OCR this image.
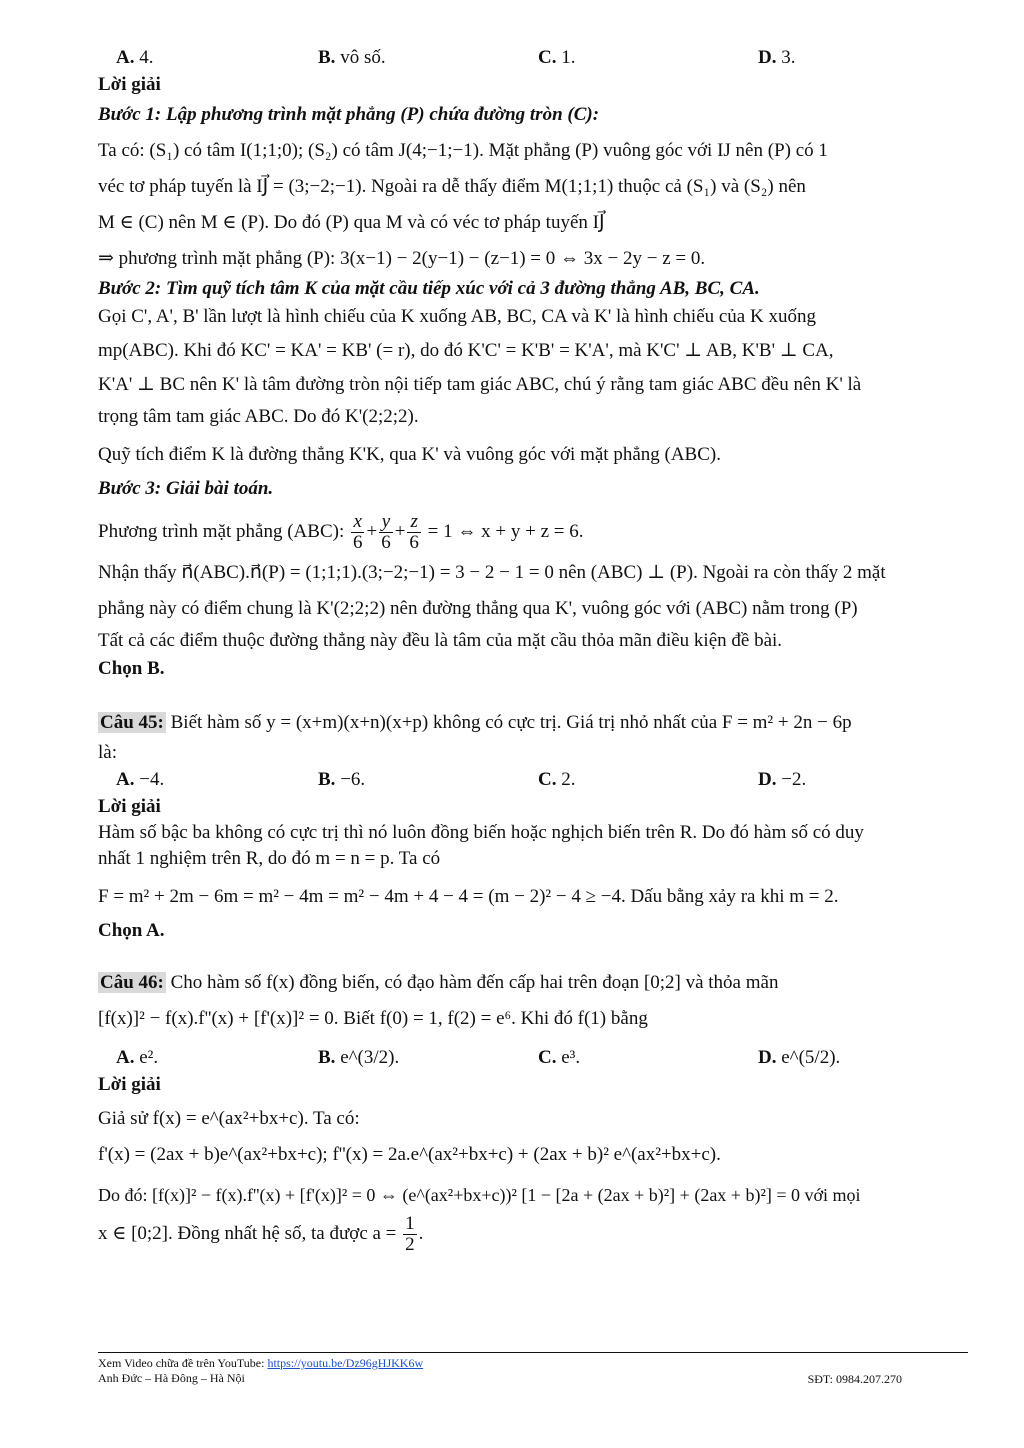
A. 4.	B. vô số.	C. 1.	D. 3.
Lời giải
Bước 1: Lập phương trình mặt phẳng (P) chứa đường tròn (C):
Ta có: (S₁) có tâm I(1;1;0); (S₂) có tâm J(4;−1;−1). Mặt phẳng (P) vuông góc với IJ nên (P) có 1
véc tơ pháp tuyến là IJ⃗ = (3;−2;−1). Ngoài ra dễ thấy điểm M(1;1;1) thuộc cả (S₁) và (S₂) nên
M ∈ (C) nên M ∈ (P). Do đó (P) qua M và có véc tơ pháp tuyến IJ⃗
⇒ phương trình mặt phẳng (P): 3(x−1) − 2(y−1) − (z−1) = 0 ⇔ 3x − 2y − z = 0.
Bước 2: Tìm quỹ tích tâm K của mặt cầu tiếp xúc với cả 3 đường thẳng AB, BC, CA.
Gọi C', A', B' lần lượt là hình chiếu của K xuống AB, BC, CA và K' là hình chiếu của K xuống
mp(ABC). Khi đó KC' = KA' = KB' (= r), do đó K'C' = K'B' = K'A', mà K'C' ⊥ AB, K'B' ⊥ CA,
K'A' ⊥ BC nên K' là tâm đường tròn nội tiếp tam giác ABC, chú ý rằng tam giác ABC đều nên K' là
trọng tâm tam giác ABC. Do đó K'(2;2;2).
Quỹ tích điểm K là đường thẳng K'K, qua K' và vuông góc với mặt phẳng (ABC).
Bước 3: Giải bài toán.
Phương trình mặt phẳng (ABC): $\frac{x}{6} + \frac{y}{6} + \frac{z}{6} = 1$ ⇔ x + y + z = 6.
Nhận thấy n⃗(ABC).n⃗(P) = (1;1;1).(3;−2;−1) = 3 − 2 − 1 = 0 nên (ABC) ⊥ (P). Ngoài ra còn thấy 2 mặt
phẳng này có điểm chung là K'(2;2;2) nên đường thẳng qua K', vuông góc với (ABC) nằm trong (P)
Tất cả các điểm thuộc đường thẳng này đều là tâm của mặt cầu thỏa mãn điều kiện đề bài.
Chọn B.
Câu 45: Biết hàm số y = (x+m)(x+n)(x+p) không có cực trị. Giá trị nhỏ nhất của F = m² + 2n − 6p
là:
A. −4.	B. −6.	C. 2.	D. −2.
Lời giải
Hàm số bậc ba không có cực trị thì nó luôn đồng biến hoặc nghịch biến trên R. Do đó hàm số có duy
nhất 1 nghiệm trên R, do đó m = n = p. Ta có
F = m² + 2m − 6m = m² − 4m = m² − 4m + 4 − 4 = (m − 2)² − 4 ≥ −4. Dấu bằng xảy ra khi m = 2.
Chọn A.
Câu 46: Cho hàm số f(x) đồng biến, có đạo hàm đến cấp hai trên đoạn [0;2] và thỏa mãn
[f(x)]² − f(x).f''(x) + [f'(x)]² = 0. Biết f(0) = 1, f(2) = e⁶. Khi đó f(1) bằng
A. e².	B. e^(3/2).	C. e³.	D. e^(5/2).
Lời giải
Giả sử f(x) = e^(ax²+bx+c). Ta có:
f'(x) = (2ax + b)e^(ax²+bx+c); f''(x) = 2a.e^(ax²+bx+c) + (2ax + b)² e^(ax²+bx+c).
Do đó: [f(x)]² − f(x).f''(x) + [f'(x)]² = 0 ⇔ (e^(ax²+bx+c))² [1 − [2a + (2ax + b)²] + (2ax + b)²] = 0 với mọi
x ∈ [0;2]. Đồng nhất hệ số, ta được $a = \frac{1}{2}$ .
Xem Video chữa đề trên YouTube: https://youtu.be/Dz96gHJKK6w
Anh Đức – Hà Đông – Hà Nội	SĐT: 0984.207.270
